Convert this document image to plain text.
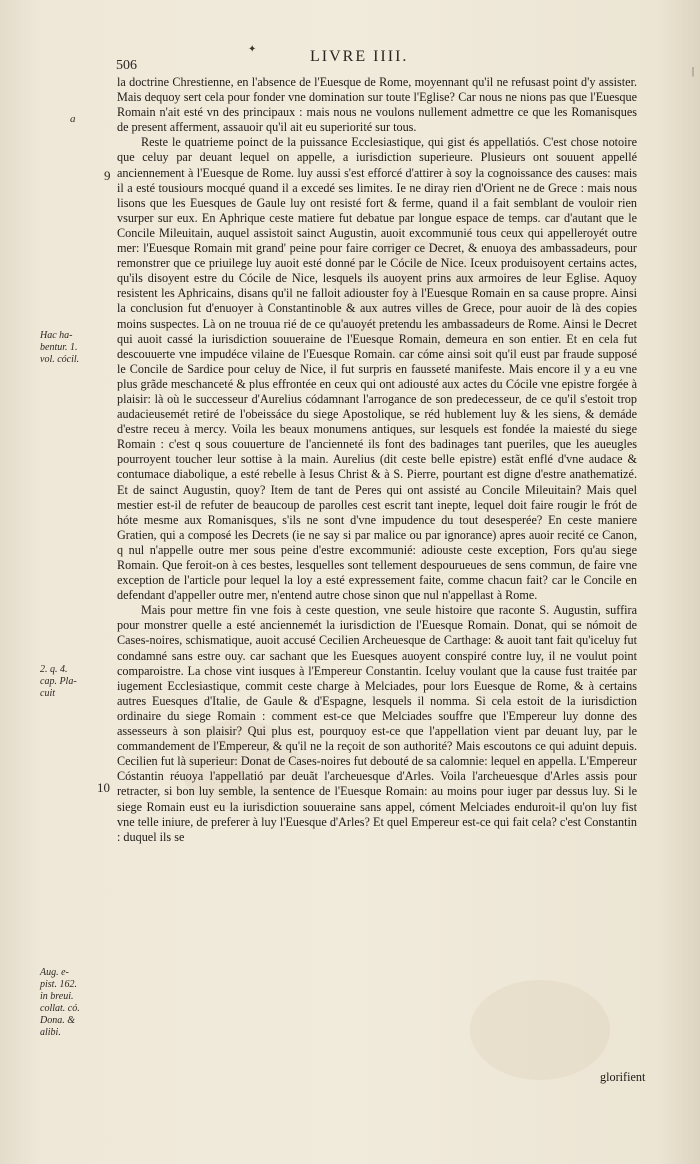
506
✦	LIVRE IIII.
|
a
9
10
Hac ha-
bentur. 1.
vol. cócil.
2. q. 4.
cap. Pla-
cuit
Aug. e-
pist. 162.
in breui.
collat. có.
Dona. &
alibi.

la doctrine Chrestienne, en l'absence de l'Euesque de Rome, moyennant qu'il ne refusast point d'y assister. Mais dequoy sert cela pour fonder vne domination sur toute l'Eglise? Car nous ne nions pas que l'Euesque Romain n'ait esté vn des principaux : mais nous ne voulons nullement admettre ce que les Romanisques de present afferment, assauoir qu'il ait eu superiorité sur tous.

Reste le quatrieme poinct de la puissance Ecclesiastique, qui gist és appellatiós. C'est chose notoire que celuy par deuant lequel on appelle, a iurisdiction superieure. Plusieurs ont souuent appellé anciennement à l'Euesque de Rome. luy aussi s'est efforcé d'attirer à soy la cognoissance des causes: mais il a esté tousiours mocqué quand il a excedé ses limites. Ie ne diray rien d'Orient ne de Grece : mais nous lisons que les Euesques de Gaule luy ont resisté fort & ferme, quand il a fait semblant de vouloir rien vsurper sur eux. En Aphrique ceste matiere fut debatue par longue espace de temps. car d'autant que le Concile Mileuitain, auquel assistoit sainct Augustin, auoit excommunié tous ceux qui appelleroyét outre mer: l'Euesque Romain mit grand' peine pour faire corriger ce Decret, & enuoya des ambassadeurs, pour remonstrer que ce priuilege luy auoit esté donné par le Cócile de Nice. Iceux produisoyent certains actes, qu'ils disoyent estre du Cócile de Nice, lesquels ils auoyent prins aux armoires de leur Eglise. Aquoy resistent les Aphricains, disans qu'il ne falloit adiouster foy à l'Euesque Romain en sa cause propre. Ainsi la conclusion fut d'enuoyer à Constantinoble & aux autres villes de Grece, pour auoir de là des copies moins suspectes. Là on ne trouua rié de ce qu'auoyét pretendu les ambassadeurs de Rome. Ainsi le Decret qui auoit cassé la iurisdiction souueraine de l'Euesque Romain, demeura en son entier. Et en cela fut descouuerte vne impudéce vilaine de l'Euesque Romain. car cóme ainsi soit qu'il eust par fraude supposé le Concile de Sardice pour celuy de Nice, il fut surpris en fausseté manifeste. Mais encore il y a eu vne plus grãde meschanceté & plus effrontée en ceux qui ont adiousté aux actes du Cócile vne epistre forgée à plaisir: là où le successeur d'Aurelius códamnant l'arrogance de son predecesseur, de ce qu'il s'estoit trop audacieusemét retiré de l'obeissáce du siege Apostolique, se réd hublement luy & les siens, & demáde d'estre receu à mercy. Voila les beaux monumens antiques, sur lesquels est fondée la maiesté du siege Romain : c'est q sous couuerture de l'ancienneté ils font des badinages tant pueriles, que les aueugles pourroyent toucher leur sottise à la main. Aurelius (dit ceste belle epistre) estãt enflé d'vne audace & contumace diabolique, a esté rebelle à Iesus Christ & à S. Pierre, pourtant est digne d'estre anathematizé. Et de sainct Augustin, quoy? Item de tant de Peres qui ont assisté au Concile Mileuitain? Mais quel mestier est-il de refuter de beaucoup de parolles cest escrit tant inepte, lequel doit faire rougir le frót de hóte mesme aux Romanisques, s'ils ne sont d'vne impudence du tout desesperée? En ceste maniere Gratien, qui a composé les Decrets (ie ne say si par malice ou par ignorance) apres auoir recité ce Canon, q nul n'appelle outre mer sous peine d'estre excommunié: adiouste ceste exception, Fors qu'au siege Romain. Que feroit-on à ces bestes, lesquelles sont tellement despourueues de sens commun, de faire vne exception de l'article pour lequel la loy a esté expressement faite, comme chacun fait? car le Concile en defendant d'appeller outre mer, n'entend autre chose sinon que nul n'appellast à Rome.

Mais pour mettre fin vne fois à ceste question, vne seule histoire que raconte S. Augustin, suffira pour monstrer quelle a esté anciennemét la iurisdiction de l'Euesque Romain. Donat, qui se nómoit de Cases-noires, schismatique, auoit accusé Cecilien Archeuesque de Carthage: & auoit tant fait qu'iceluy fut condamné sans estre ouy. car sachant que les Euesques auoyent conspiré contre luy, il ne voulut point comparoistre. La chose vint iusques à l'Empereur Constantin. Iceluy voulant que la cause fust traitée par iugement Ecclesiastique, commit ceste charge à Melciades, pour lors Euesque de Rome, & à certains autres Euesques d'Italie, de Gaule & d'Espagne, lesquels il nomma. Si cela estoit de la iurisdiction ordinaire du siege Romain : comment est-ce que Melciades souffre que l'Empereur luy donne des assesseurs à son plaisir? Qui plus est, pourquoy est-ce que l'appellation vient par deuant luy, par le commandement de l'Empereur, & qu'il ne la reçoit de son authorité? Mais escoutons ce qui aduint depuis. Cecilien fut là superieur: Donat de Cases-noires fut debouté de sa calomnie: lequel en appella. L'Empereur Cóstantin réuoya l'appellatió par deuãt l'archeuesque d'Arles. Voila l'archeuesque d'Arles assis pour retracter, si bon luy semble, la sentence de l'Euesque Romain: au moins pour iuger par dessus luy. Si le siege Romain eust eu la iurisdiction souueraine sans appel, cóment Melciades enduroit-il qu'on luy fist vne telle iniure, de preferer à luy l'Euesque d'Arles? Et quel Empereur est-ce qui fait cela? c'est Constantin : duquel ils se

glorifient
